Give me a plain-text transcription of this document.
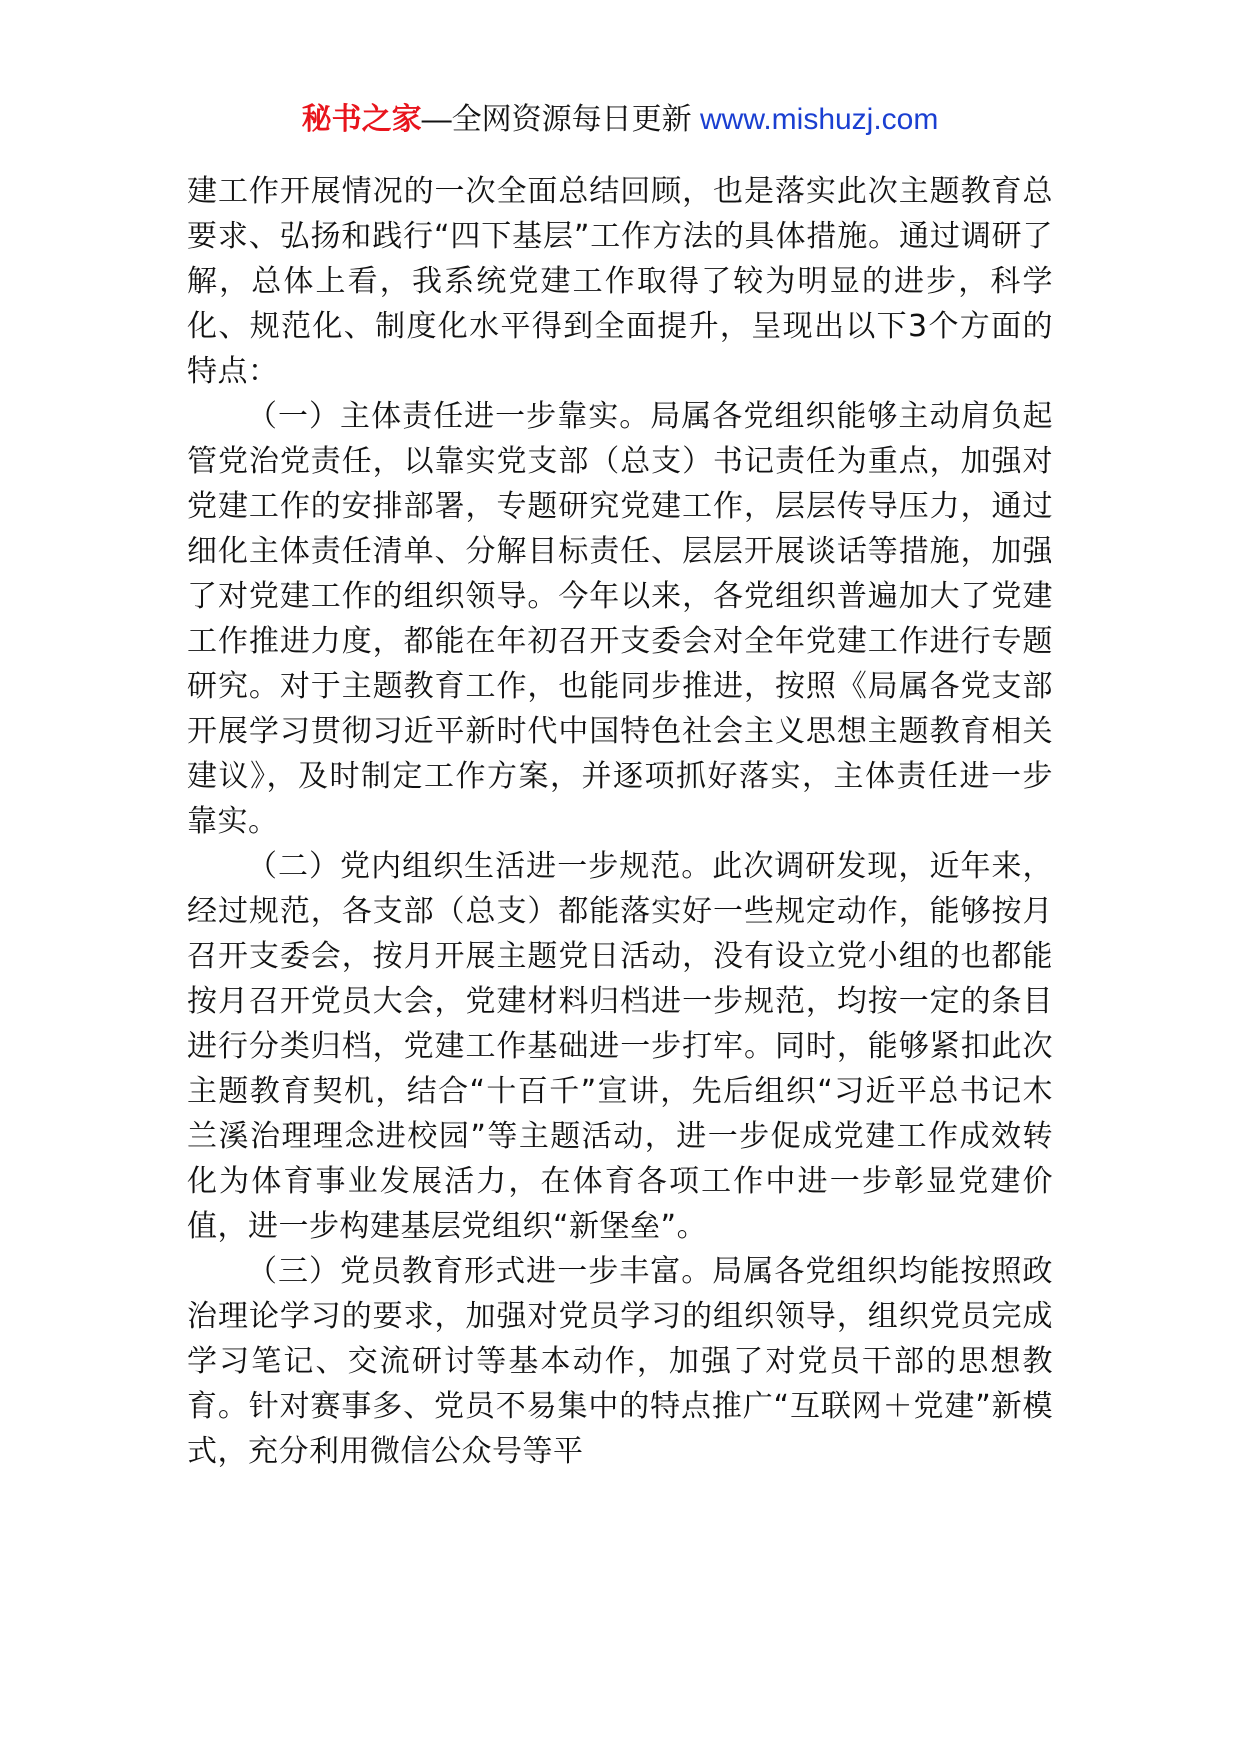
秘书之家—全网资源每日更新 www.mishuzj.com

建工作开展情况的一次全面总结回顾，也是落实此次主题教育总要求、弘扬和践行“四下基层”工作方法的具体措施。通过调研了解，总体上看，我系统党建工作取得了较为明显的进步，科学化、规范化、制度化水平得到全面提升，呈现出以下3个方面的特点：

（一）主体责任进一步靠实。局属各党组织能够主动肩负起管党治党责任，以靠实党支部（总支）书记责任为重点，加强对党建工作的安排部署，专题研究党建工作，层层传导压力，通过细化主体责任清单、分解目标责任、层层开展谈话等措施，加强了对党建工作的组织领导。今年以来，各党组织普遍加大了党建工作推进力度，都能在年初召开支委会对全年党建工作进行专题研究。对于主题教育工作，也能同步推进，按照《局属各党支部开展学习贯彻习近平新时代中国特色社会主义思想主题教育相关建议》，及时制定工作方案，并逐项抓好落实，主体责任进一步靠实。

（二）党内组织生活进一步规范。此次调研发现，近年来，经过规范，各支部（总支）都能落实好一些规定动作，能够按月召开支委会，按月开展主题党日活动，没有设立党小组的也都能按月召开党员大会，党建材料归档进一步规范，均按一定的条目进行分类归档，党建工作基础进一步打牢。同时，能够紧扣此次主题教育契机，结合“十百千”宣讲，先后组织“习近平总书记木兰溪治理理念进校园”等主题活动，进一步促成党建工作成效转化为体育事业发展活力，在体育各项工作中进一步彰显党建价值，进一步构建基层党组织“新堡垒”。

（三）党员教育形式进一步丰富。局属各党组织均能按照政治理论学习的要求，加强对党员学习的组织领导，组织党员完成学习笔记、交流研讨等基本动作，加强了对党员干部的思想教育。针对赛事多、党员不易集中的特点推广“互联网＋党建”新模式，充分利用微信公众号等平
